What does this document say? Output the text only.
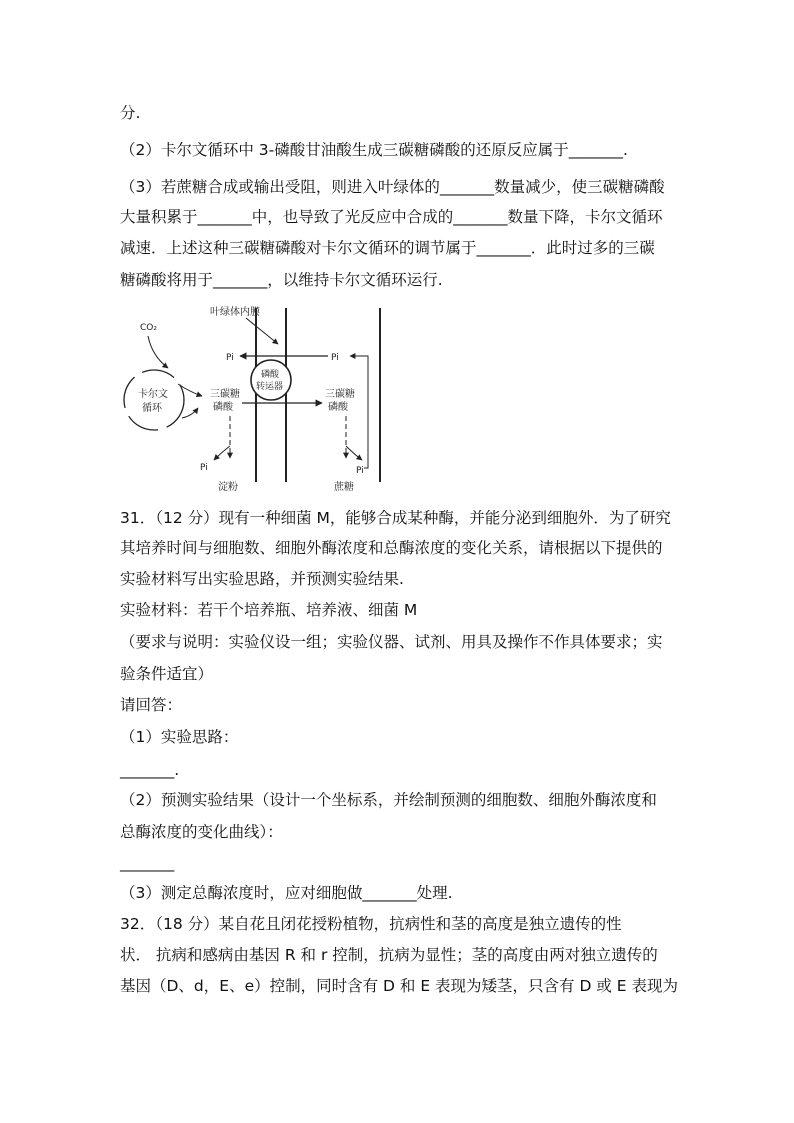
分.
（2）卡尔文循环中 3-磷酸甘油酸生成三碳糖磷酸的还原反应属于_______.
（3）若蔗糖合成或输出受阻，则进入叶绿体的_______数量减少，使三碳糖磷酸
大量积累于_______中，也导致了光反应中合成的_______数量下降，卡尔文循环
减速．上述这种三碳糖磷酸对卡尔文循环的调节属于_______．此时过多的三碳
糖磷酸将用于_______，以维持卡尔文循环运行.
叶绿体内膜
CO₂
卡尔文
循环
Pi	Pi
磷酸
转运器
三碳糖
磷酸
三碳糖
磷酸
Pi
淀粉
Pi
蔗糖
31．（12 分）现有一种细菌 M，能够合成某种酶，并能分泌到细胞外．为了研究
其培养时间与细胞数、细胞外酶浓度和总酶浓度的变化关系，请根据以下提供的
实验材料写出实验思路，并预测实验结果.
实验材料：若干个培养瓶、培养液、细菌 M
（要求与说明：实验仪设一组；实验仪器、试剂、用具及操作不作具体要求；实
验条件适宜）
请回答：
（1）实验思路：
_______.
（2）预测实验结果（设计一个坐标系，并绘制预测的细胞数、细胞外酶浓度和
总酶浓度的变化曲线）：
_______
（3）测定总酶浓度时，应对细胞做_______处理.
32．（18 分）某自花且闭花授粉植物，抗病性和茎的高度是独立遗传的性
状． 抗病和感病由基因 R 和 r 控制，抗病为显性；茎的高度由两对独立遗传的
基因（D、d，E、e）控制，同时含有 D 和 E 表现为矮茎，只含有 D 或 E 表现为
